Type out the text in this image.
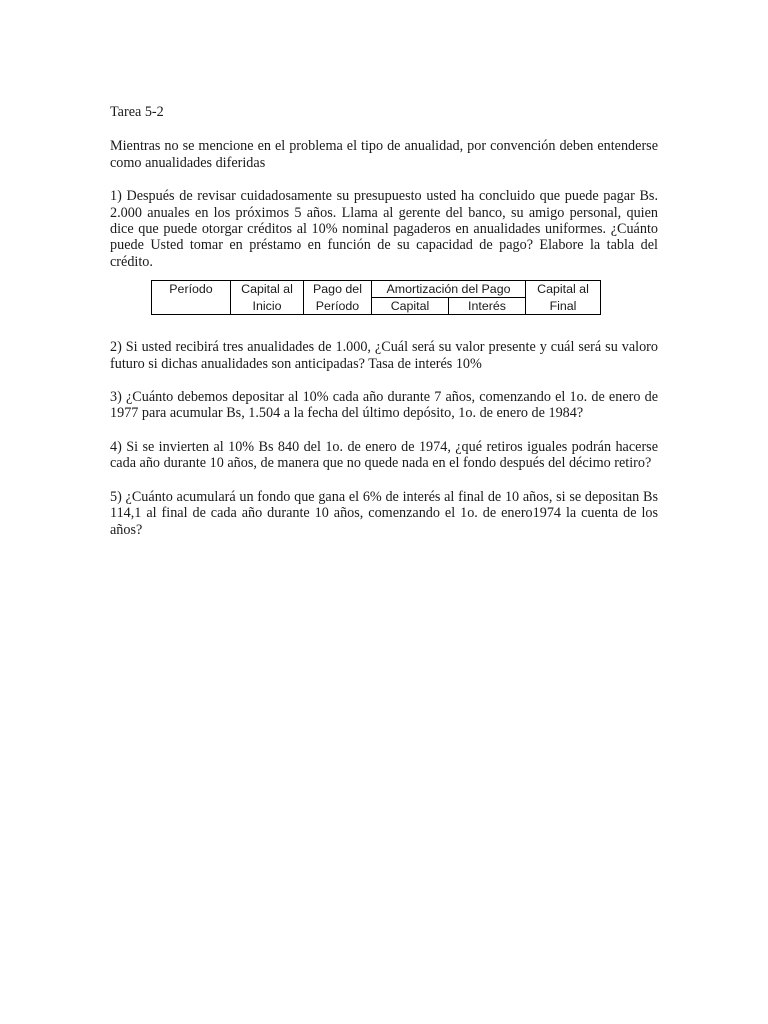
Tarea 5-2

Mientras no se mencione en el problema el tipo de anualidad, por convención deben entenderse como anualidades diferidas

1) Después de revisar cuidadosamente su presupuesto usted ha concluido que puede pagar Bs. 2.000 anuales en los próximos 5 años. Llama al gerente del banco, su amigo personal, quien dice que puede otorgar créditos al 10% nominal pagaderos en anualidades uniformes. ¿Cuánto puede Usted tomar en préstamo en función de su capacidad de pago? Elabore la tabla del crédito.

Período	Capital al	Pago del	Amortización del Pago		Capital al
	Inicio	Período	Capital	Interés	Final

2) Si usted recibirá tres anualidades de 1.000, ¿Cuál será su valor presente y cuál será su valoro futuro si dichas anualidades son anticipadas? Tasa de interés 10%

3) ¿Cuánto debemos depositar al 10% cada año durante 7 años, comenzando el 1o. de enero de 1977 para acumular Bs, 1.504 a la fecha del último depósito, 1o. de enero de 1984?

4) Si se invierten al 10% Bs 840 del 1o. de enero de 1974, ¿qué retiros iguales podrán hacerse cada año durante 10 años, de manera que no quede nada en el fondo después del décimo retiro?

5) ¿Cuánto acumulará un fondo que gana el 6% de interés al final de 10 años, si se depositan Bs 114,1 al final de cada año durante 10 años, comenzando el 1o. de enero1974 la cuenta de los años?
